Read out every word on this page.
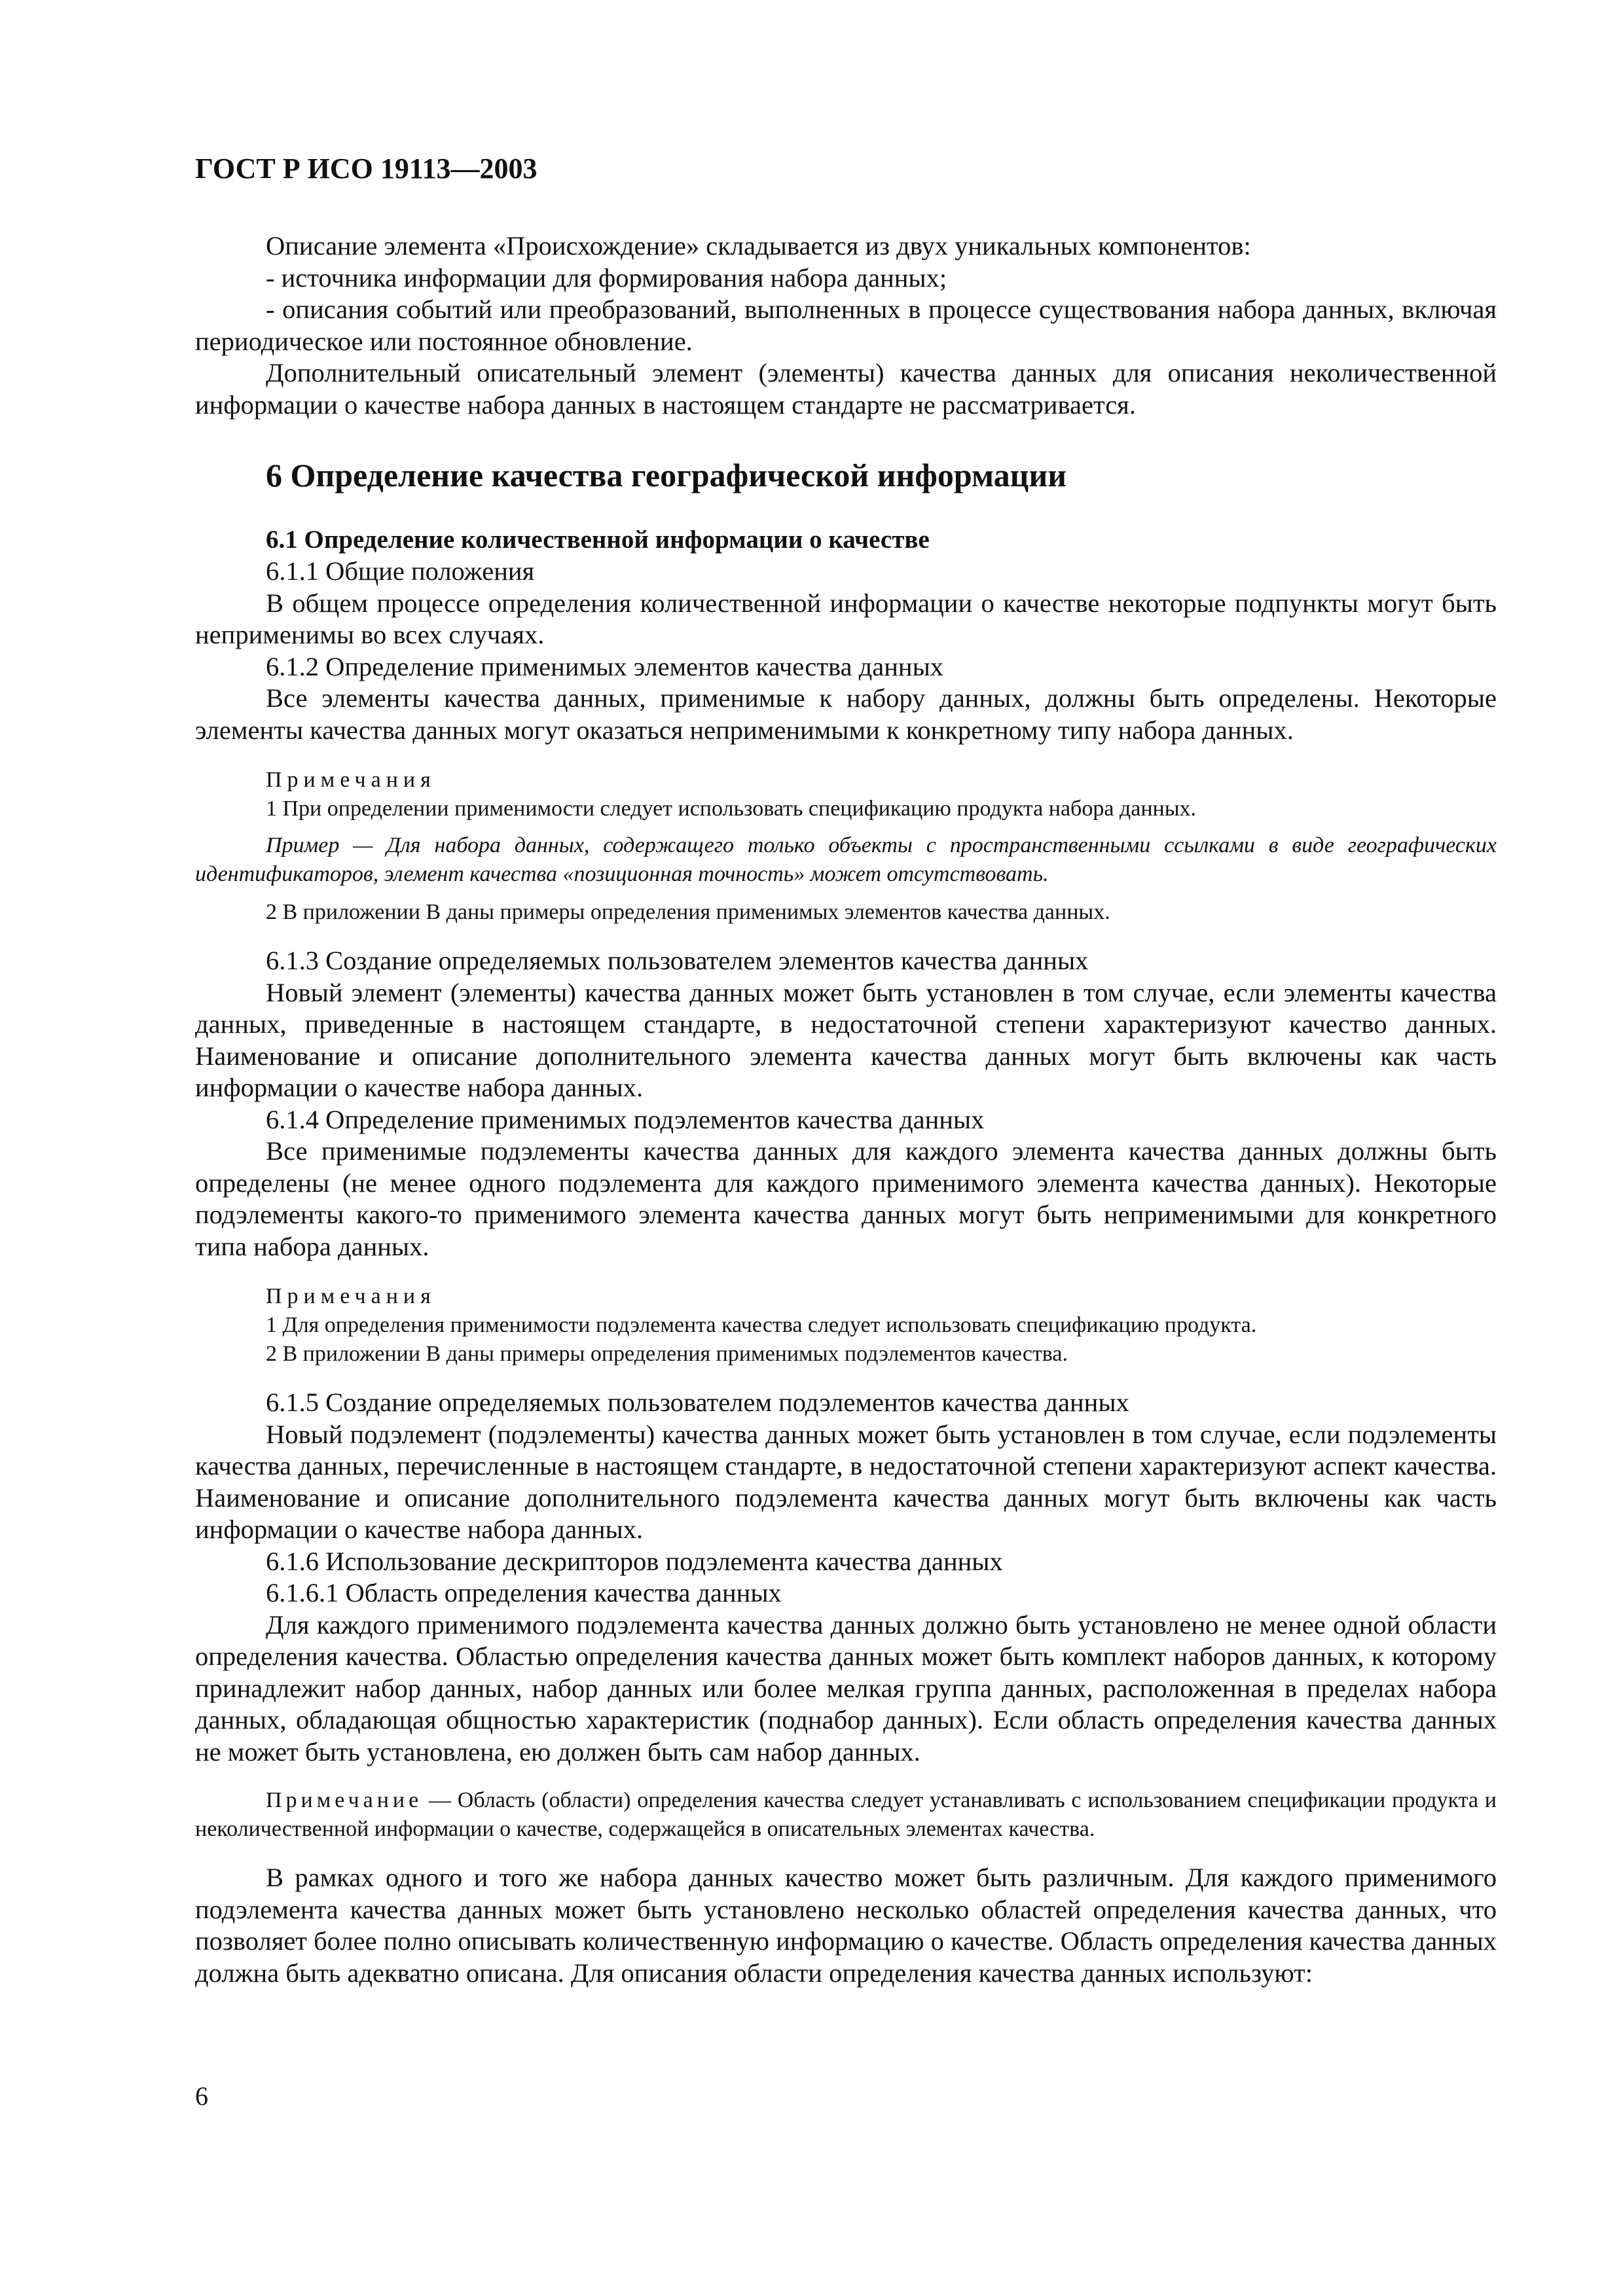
ГОСТ Р ИСО 19113—2003

Описание элемента «Происхождение» складывается из двух уникальных компонентов:

- источника информации для формирования набора данных;

- описания событий или преобразований, выполненных в процессе существования набора данных, включая периодическое или постоянное обновление.

Дополнительный описательный элемент (элементы) качества данных для описания неколичественной информации о качестве набора данных в настоящем стандарте не рассматривается.

6 Определение качества географической информации
6.1 Определение количественной информации о качестве

6.1.1 Общие положения

В общем процессе определения количественной информации о качестве некоторые подпункты могут быть неприменимы во всех случаях.

6.1.2 Определение применимых элементов качества данных

Все элементы качества данных, применимые к набору данных, должны быть определены. Некоторые элементы качества данных могут оказаться неприменимыми к конкретному типу набора данных.

Примечания

1 При определении применимости следует использовать спецификацию продукта набора данных.

Пример — Для набора данных, содержащего только объекты с пространственными ссылками в виде географических идентификаторов, элемент качества «позиционная точность» может отсутствовать.

2 В приложении В даны примеры определения применимых элементов качества данных.

6.1.3 Создание определяемых пользователем элементов качества данных

Новый элемент (элементы) качества данных может быть установлен в том случае, если элементы качества данных, приведенные в настоящем стандарте, в недостаточной степени характеризуют качество данных. Наименование и описание дополнительного элемента качества данных могут быть включены как часть информации о качестве набора данных.

6.1.4 Определение применимых подэлементов качества данных

Все применимые подэлементы качества данных для каждого элемента качества данных должны быть определены (не менее одного подэлемента для каждого применимого элемента качества данных). Некоторые подэлементы какого-то применимого элемента качества данных могут быть неприменимыми для конкретного типа набора данных.

Примечания

1 Для определения применимости подэлемента качества следует использовать спецификацию продукта.

2 В приложении В даны примеры определения применимых подэлементов качества.

6.1.5 Создание определяемых пользователем подэлементов качества данных

Новый подэлемент (подэлементы) качества данных может быть установлен в том случае, если подэлементы качества данных, перечисленные в настоящем стандарте, в недостаточной степени характеризуют аспект качества. Наименование и описание дополнительного подэлемента качества данных могут быть включены как часть информации о качестве набора данных.

6.1.6 Использование дескрипторов подэлемента качества данных

6.1.6.1 Область определения качества данных

Для каждого применимого подэлемента качества данных должно быть установлено не менее одной области определения качества. Областью определения качества данных может быть комплект наборов данных, к которому принадлежит набор данных, набор данных или более мелкая группа данных, расположенная в пределах набора данных, обладающая общностью характеристик (поднабор данных). Если область определения качества данных не может быть установлена, ею должен быть сам набор данных.

Примечание — Область (области) определения качества следует устанавливать с использованием спецификации продукта и неколичественной информации о качестве, содержащейся в описательных элементах качества.

В рамках одного и того же набора данных качество может быть различным. Для каждого применимого подэлемента качества данных может быть установлено несколько областей определения качества данных, что позволяет более полно описывать количественную информацию о качестве. Область определения качества данных должна быть адекватно описана. Для описания области определения качества данных используют:

6
